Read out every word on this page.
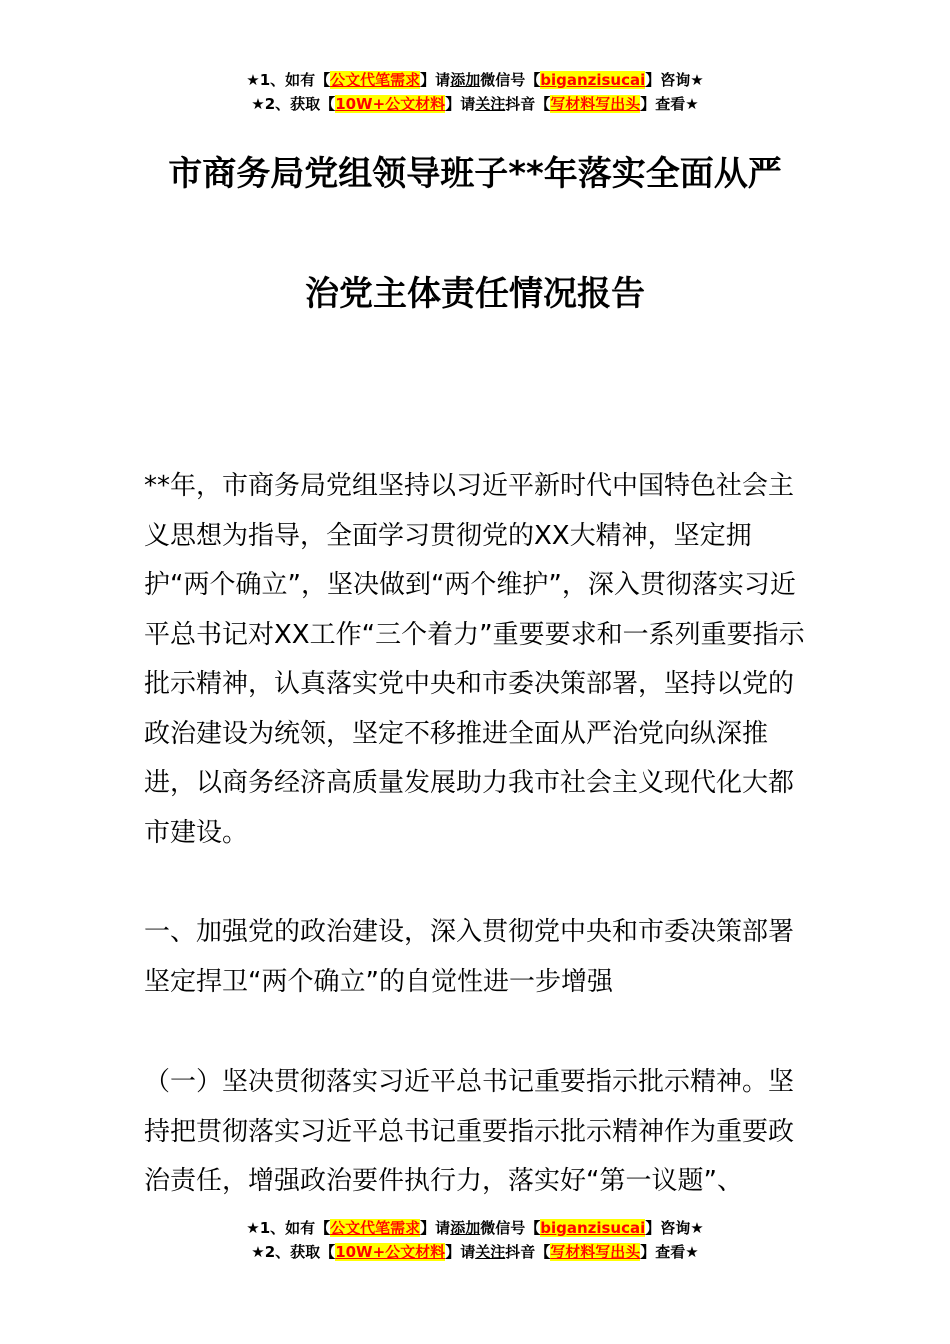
★1、如有【公文代笔需求】请添加微信号【biganzisucai】咨询★
★2、获取【10W+公文材料】请关注抖音【写材料写出头】查看★
市商务局党组领导班子**年落实全面从严
治党主体责任情况报告
**年，市商务局党组坚持以习近平新时代中国特色社会主义思想为指导，全面学习贯彻党的XX大精神，坚定拥护“两个确立”，坚决做到“两个维护”，深入贯彻落实习近平总书记对XX工作“三个着力”重要要求和一系列重要指示批示精神，认真落实党中央和市委决策部署，坚持以党的政治建设为统领，坚定不移推进全面从严治党向纵深推进，以商务经济高质量发展助力我市社会主义现代化大都市建设。
一、加强党的政治建设，深入贯彻党中央和市委决策部署坚定捍卫“两个确立”的自觉性进一步增强
（一）坚决贯彻落实习近平总书记重要指示批示精神。坚持把贯彻落实习近平总书记重要指示批示精神作为重要政治责任，增强政治要件执行力，落实好“第一议题”、
★1、如有【公文代笔需求】请添加微信号【biganzisucai】咨询★
★2、获取【10W+公文材料】请关注抖音【写材料写出头】查看★
